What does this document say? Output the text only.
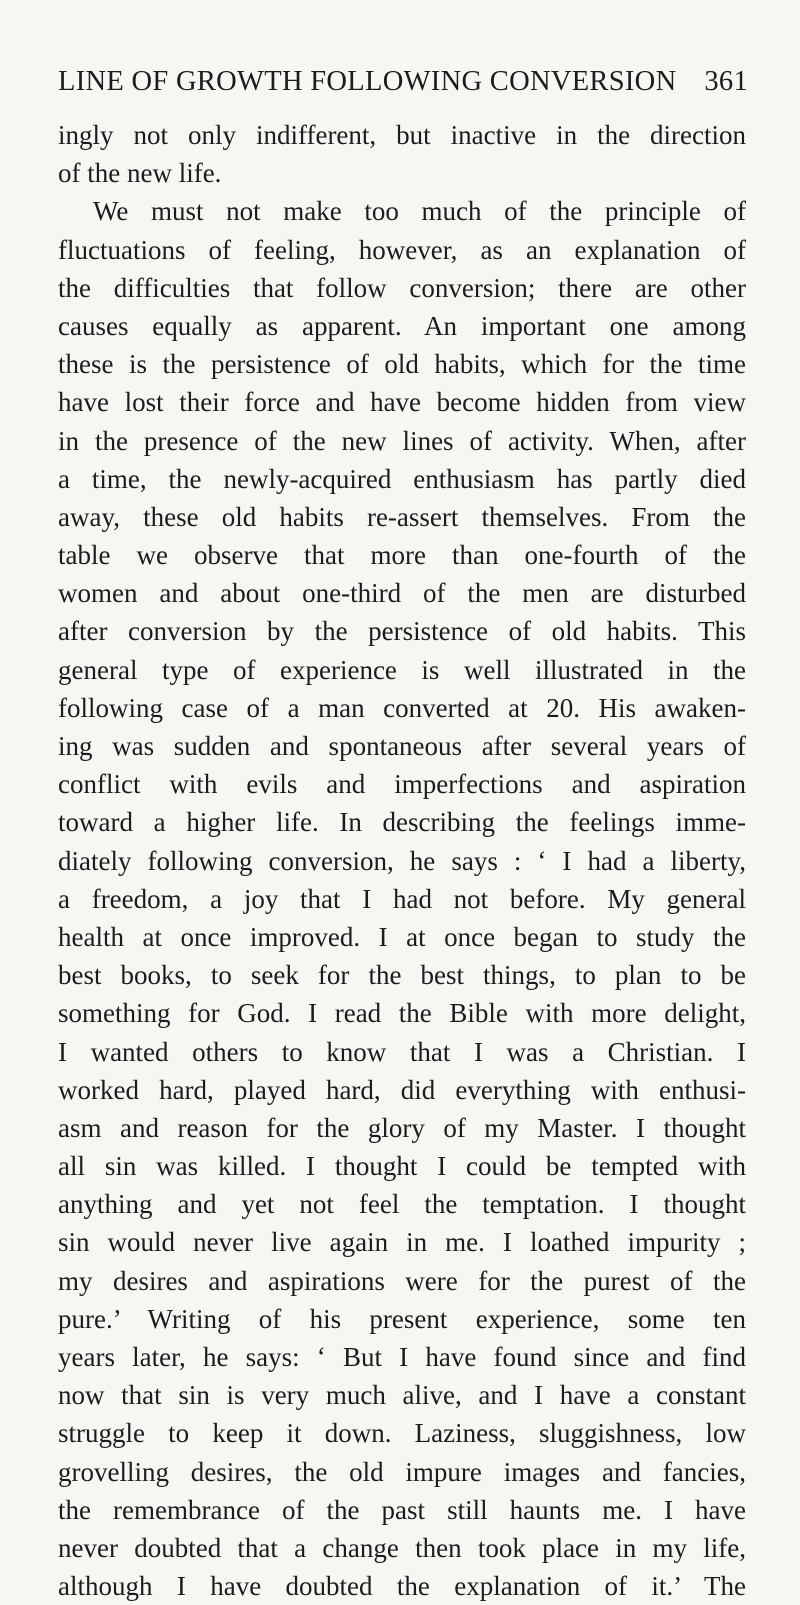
LINE OF GROWTH FOLLOWING CONVERSION 361
ingly not only indifferent, but inactive in the direction
of the new life.
We must not make too much of the principle of
fluctuations of feeling, however, as an explanation of
the difficulties that follow conversion; there are other
causes equally as apparent. An important one among
these is the persistence of old habits, which for the time
have lost their force and have become hidden from view
in the presence of the new lines of activity. When, after
a time, the newly-acquired enthusiasm has partly died
away, these old habits re-assert themselves. From the
table we observe that more than one-fourth of the
women and about one-third of the men are disturbed
after conversion by the persistence of old habits. This
general type of experience is well illustrated in the
following case of a man converted at 20. His awaken-
ing was sudden and spontaneous after several years of
conflict with evils and imperfections and aspiration
toward a higher life. In describing the feelings imme-
diately following conversion, he says : ‘ I had a liberty,
a freedom, a joy that I had not before. My general
health at once improved. I at once began to study the
best books, to seek for the best things, to plan to be
something for God. I read the Bible with more delight,
I wanted others to know that I was a Christian. I
worked hard, played hard, did everything with enthusi-
asm and reason for the glory of my Master. I thought
all sin was killed. I thought I could be tempted with
anything and yet not feel the temptation. I thought
sin would never live again in me. I loathed impurity ;
my desires and aspirations were for the purest of the
pure.’ Writing of his present experience, some ten
years later, he says: ‘ But I have found since and find
now that sin is very much alive, and I have a constant
struggle to keep it down. Laziness, sluggishness, low
grovelling desires, the old impure images and fancies,
the remembrance of the past still haunts me. I have
never doubted that a change then took place in my life,
although I have doubted the explanation of it.’ The
